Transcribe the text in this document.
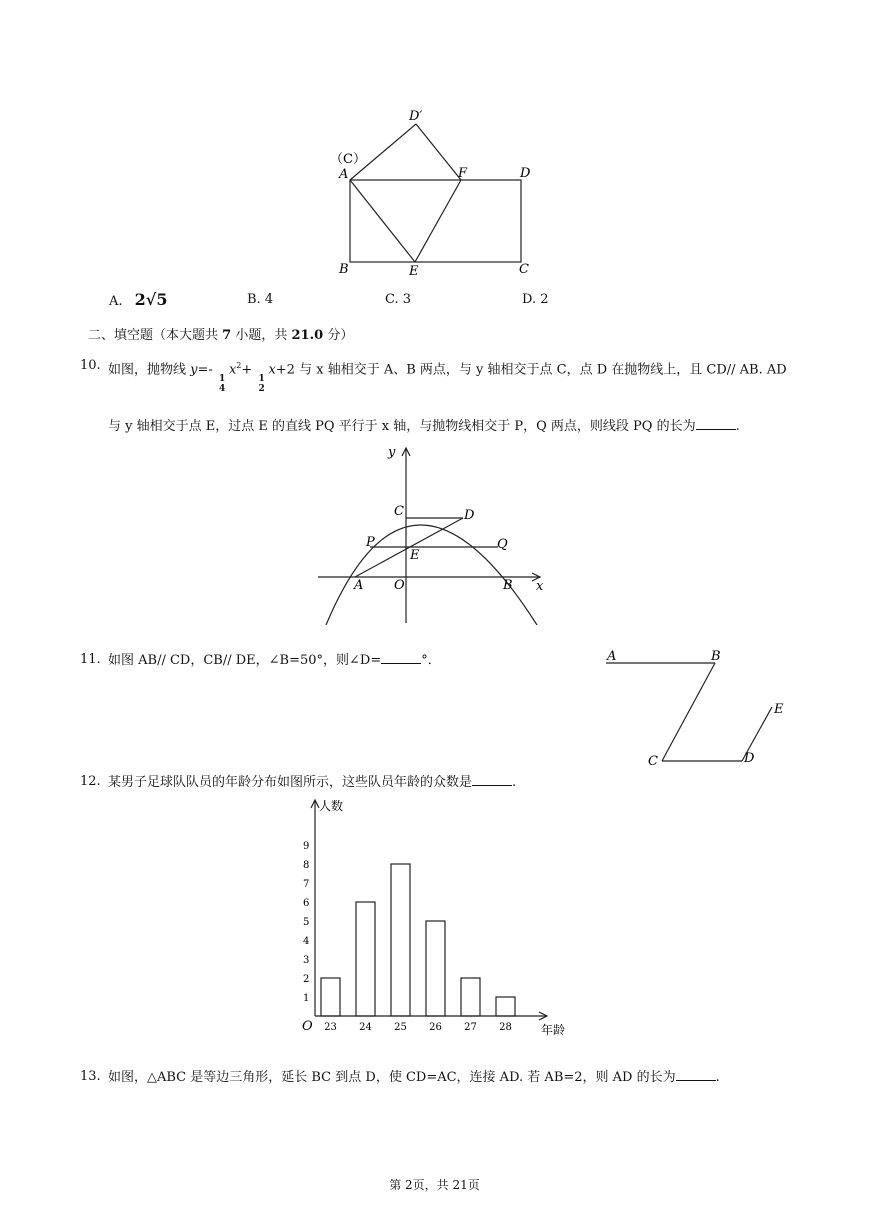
D′
（C）
A	F	D
B	E	C
A. 2√5	B. 4	C. 3	D. 2
二、填空题（本大题共 7 小题，共 21.0 分）
10. 如图，抛物线 y=-
1
4
$x^2+$
1
2
x+2 与 x 轴相交于 A、B 两点，与 y 轴相交于点 C，点 D 在抛物线上，且 CD// AB. AD
与 y 轴相交于点 E，过点 E 的直线 PQ 平行于 x 轴，与抛物线相交于 P，Q 两点，则线段 PQ 的长为	.
y
C	D
P	Q
E
A O	B x
11. 如图 AB// CD，CB// DE，∠B=50°，则∠D=	°．	A	B
E
C	D
12. 某男子足球队队员的年龄分布如图所示，这些队员年龄的众数是	.
人数
年龄
O
1
2
3
4
5
6
7
8
9
23 24 25 26 27 28
13. 如图，△ABC 是等边三角形，延长 BC 到点 D，使 CD=AC，连接 AD. 若 AB=2，则 AD 的长为	.
第 2页，共 21页
